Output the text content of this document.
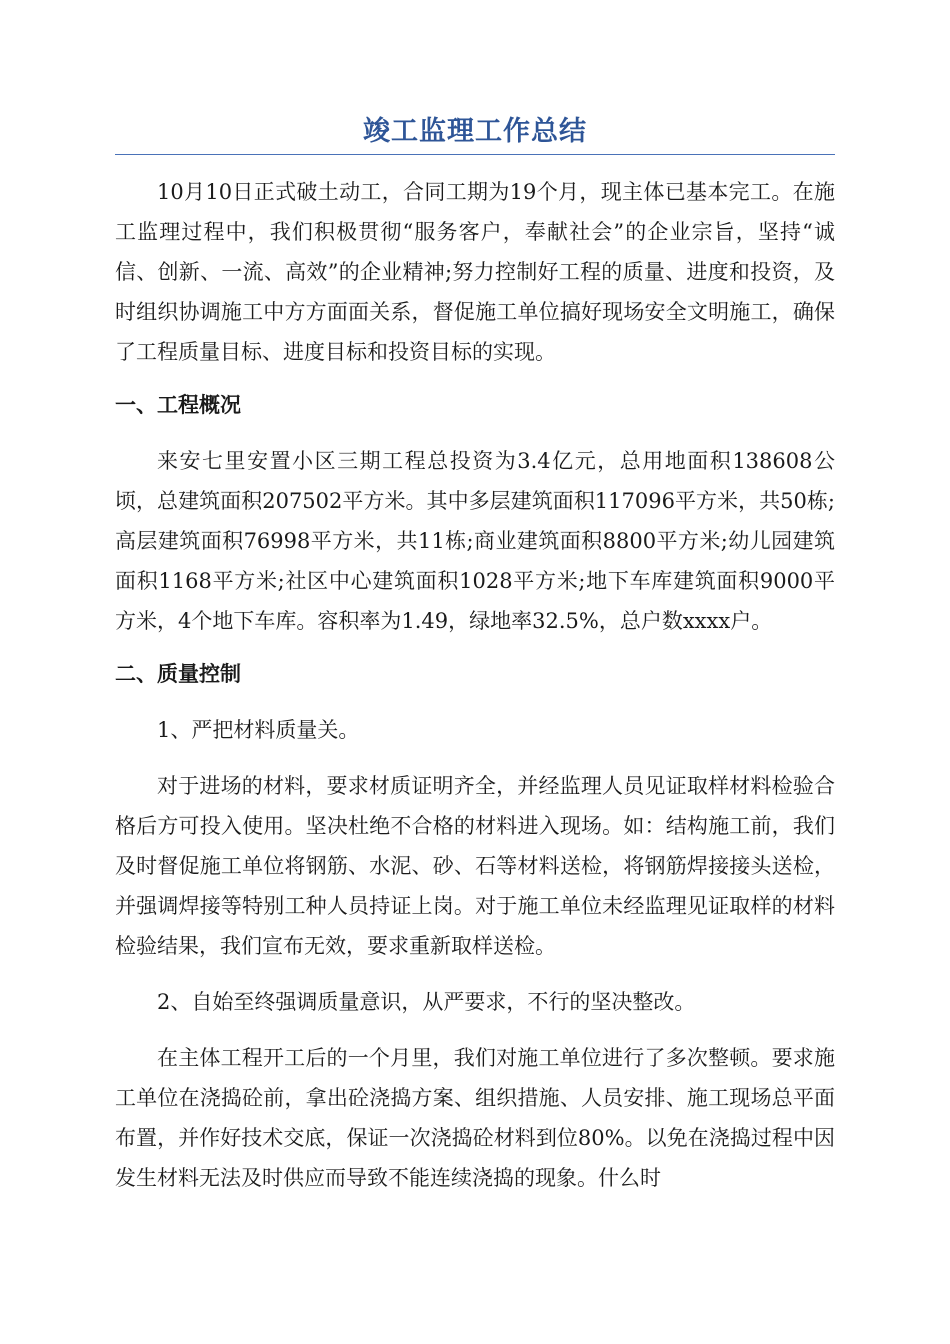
竣工监理工作总结

10月10日正式破土动工，合同工期为19个月，现主体已基本完工。在施工监理过程中，我们积极贯彻“服务客户，奉献社会”的企业宗旨，坚持“诚信、创新、一流、高效”的企业精神;努力控制好工程的质量、进度和投资，及时组织协调施工中方方面面关系，督促施工单位搞好现场安全文明施工，确保了工程质量目标、进度目标和投资目标的实现。

一、工程概况

来安七里安置小区三期工程总投资为3.4亿元，总用地面积138608公顷，总建筑面积207502平方米。其中多层建筑面积117096平方米，共50栋;高层建筑面积76998平方米，共11栋;商业建筑面积8800平方米;幼儿园建筑面积1168平方米;社区中心建筑面积1028平方米;地下车库建筑面积9000平方米，4个地下车库。容积率为1.49，绿地率32.5%，总户数xxxx户。

二、质量控制

1、严把材料质量关。

对于进场的材料，要求材质证明齐全，并经监理人员见证取样材料检验合格后方可投入使用。坚决杜绝不合格的材料进入现场。如：结构施工前，我们及时督促施工单位将钢筋、水泥、砂、石等材料送检，将钢筋焊接接头送检，并强调焊接等特别工种人员持证上岗。对于施工单位未经监理见证取样的材料检验结果，我们宣布无效，要求重新取样送检。

2、自始至终强调质量意识，从严要求，不行的坚决整改。

在主体工程开工后的一个月里，我们对施工单位进行了多次整顿。要求施工单位在浇捣砼前，拿出砼浇捣方案、组织措施、人员安排、施工现场总平面布置，并作好技术交底，保证一次浇捣砼材料到位80%。以免在浇捣过程中因发生材料无法及时供应而导致不能连续浇捣的现象。什么时
